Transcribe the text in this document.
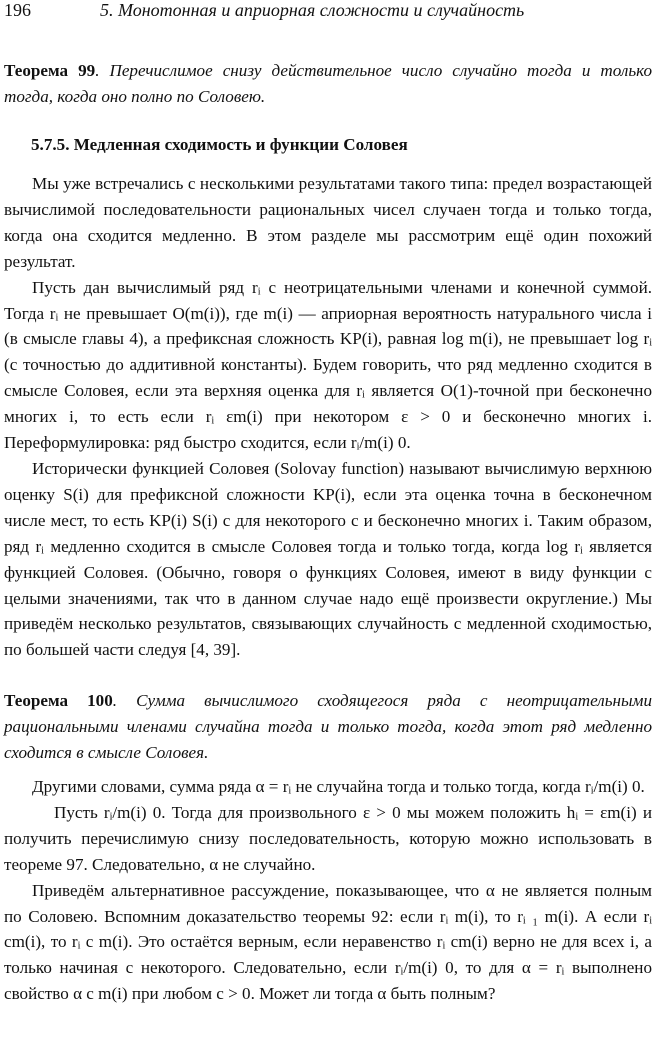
196	5. Монотонная и априорная сложности и случайность

Теорема 99. Перечислимое снизу действительное число случайно тогда и только тогда, когда оно полно по Соловею.

5.7.5. Медленная сходимость и функции Соловея

Мы уже встречались с несколькими результатами такого типа: предел возрастающей вычислимой последовательности рациональных чисел случаен тогда и только тогда, когда она сходится медленно. В этом разделе мы рассмотрим ещё один похожий результат.

Пусть дан вычислимый ряд rᵢ с неотрицательными членами и конечной суммой. Тогда rᵢ не превышает O(m(i)), где m(i) — априорная вероятность натурального числа i (в смысле главы 4), а префиксная сложность KP(i), равная log m(i), не превышает log rᵢ (с точностью до аддитивной константы). Будем говорить, что ряд медленно сходится в смысле Соловея, если эта верхняя оценка для rᵢ является O(1)-точной при бесконечно многих i, то есть если rᵢ εm(i) при некотором ε > 0 и бесконечно многих i. Переформулировка: ряд быстро сходится, если rᵢ/m(i) 0.

Исторически функцией Соловея (Solovay function) называют вычислимую верхнюю оценку S(i) для префиксной сложности KP(i), если эта оценка точна в бесконечном числе мест, то есть KP(i) S(i) c для некоторого c и бесконечно многих i. Таким образом, ряд rᵢ медленно сходится в смысле Соловея тогда и только тогда, когда log rᵢ является функцией Соловея. (Обычно, говоря о функциях Соловея, имеют в виду функции с целыми значениями, так что в данном случае надо ещё произвести округление.) Мы приведём несколько результатов, связывающих случайность с медленной сходимостью, по большей части следуя [4, 39].

Теорема 100. Сумма вычислимого сходящегося ряда с неотрицательными рациональными членами случайна тогда и только тогда, когда этот ряд медленно сходится в смысле Соловея.

Другими словами, сумма ряда α = rᵢ не случайна тогда и только тогда, когда rᵢ/m(i) 0.

Пусть rᵢ/m(i) 0. Тогда для произвольного ε > 0 мы можем положить hᵢ = εm(i) и получить перечислимую снизу последовательность, которую можно использовать в теореме 97. Следовательно, α не случайно.

Приведём альтернативное рассуждение, показывающее, что α не является полным по Соловею. Вспомним доказательство теоремы 92: если rᵢ m(i), то rᵢ ₁ m(i). А если rᵢ cm(i), то rᵢ c m(i). Это остаётся верным, если неравенство rᵢ cm(i) верно не для всех i, а только начиная с некоторого. Следовательно, если rᵢ/m(i) 0, то для α = rᵢ выполнено свойство α c m(i) при любом c > 0. Может ли тогда α быть полным?
